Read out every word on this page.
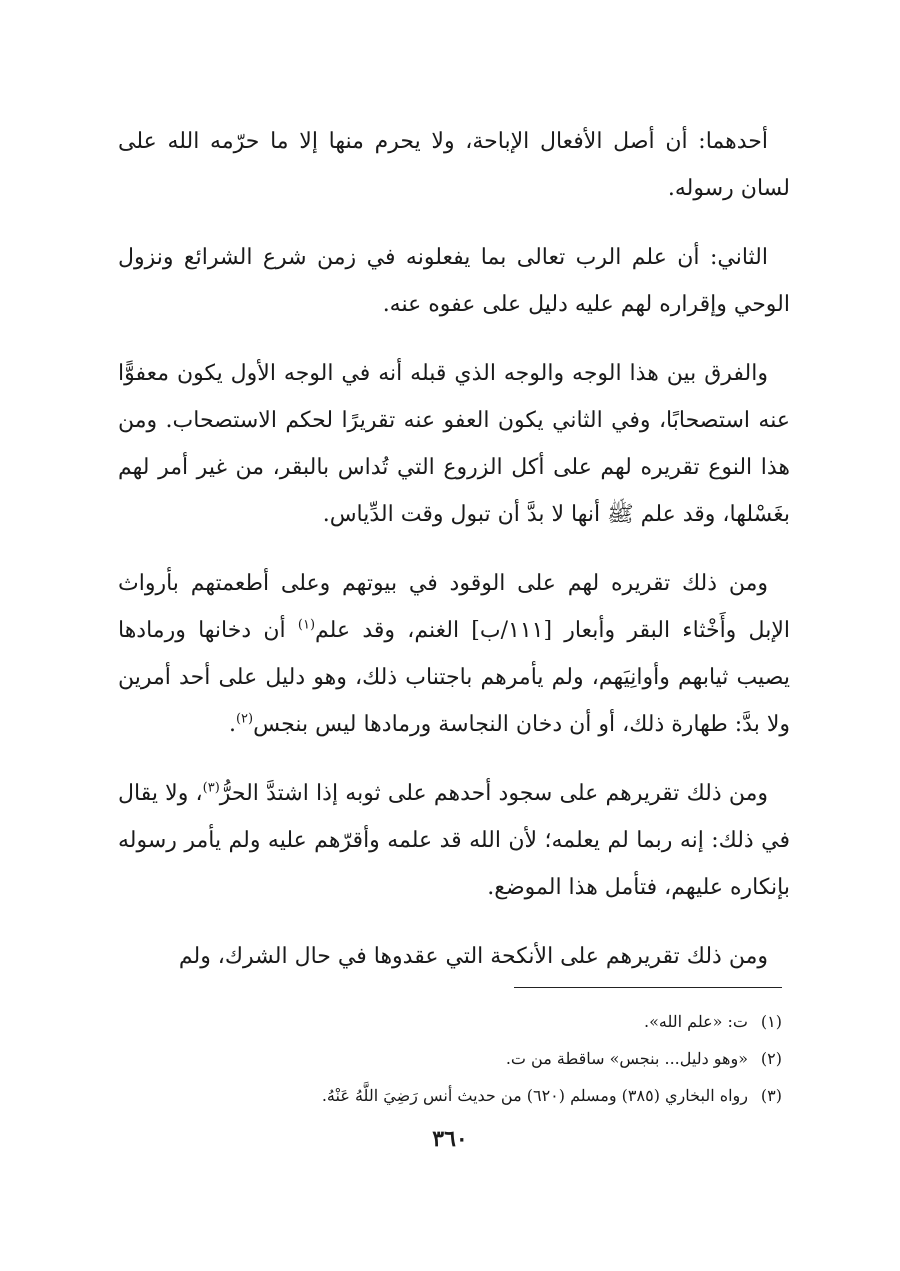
أحدهما: أن أصل الأفعال الإباحة، ولا يحرم منها إلا ما حرّمه الله على لسان رسوله.

الثاني: أن علم الرب تعالى بما يفعلونه في زمن شرع الشرائع ونزول الوحي وإقراره لهم عليه دليل على عفوه عنه.

والفرق بين هذا الوجه والوجه الذي قبله أنه في الوجه الأول يكون معفوًّا عنه استصحابًا، وفي الثاني يكون العفو عنه تقريرًا لحكم الاستصحاب. ومن هذا النوع تقريره لهم على أكل الزروع التي تُداس بالبقر، من غير أمر لهم بغَسْلها، وقد علم ﷺ أنها لا بدَّ أن تبول وقت الدِّياس.

ومن ذلك تقريره لهم على الوقود في بيوتهم وعلى أطعمتهم بأرواث الإبل وأَخْثاء البقر وأبعار [١١١/ب] الغنم، وقد علم$^{(١)}$ أن دخانها ورمادها يصيب ثيابهم وأوانِيَهم، ولم يأمرهم باجتناب ذلك، وهو دليل على أحد أمرين ولا بدَّ: طهارة ذلك، أو أن دخان النجاسة ورمادها ليس بنجس$^{(٢)}$.

ومن ذلك تقريرهم على سجود أحدهم على ثوبه إذا اشتدَّ الحرُّ$^{(٣)}$، ولا يقال في ذلك: إنه ربما لم يعلمه؛ لأن الله قد علمه وأقرّهم عليه ولم يأمر رسوله بإنكاره عليهم، فتأمل هذا الموضع.

ومن ذلك تقريرهم على الأنكحة التي عقدوها في حال الشرك، ولم

(١)ت: «علم الله».
(٢)«وهو دليل... بنجس» ساقطة من ت.
(٣)رواه البخاري (٣٨٥) ومسلم (٦٢٠) من حديث أنس رَضِيَ اللَّهُ عَنْهُ.
٣٦٠
